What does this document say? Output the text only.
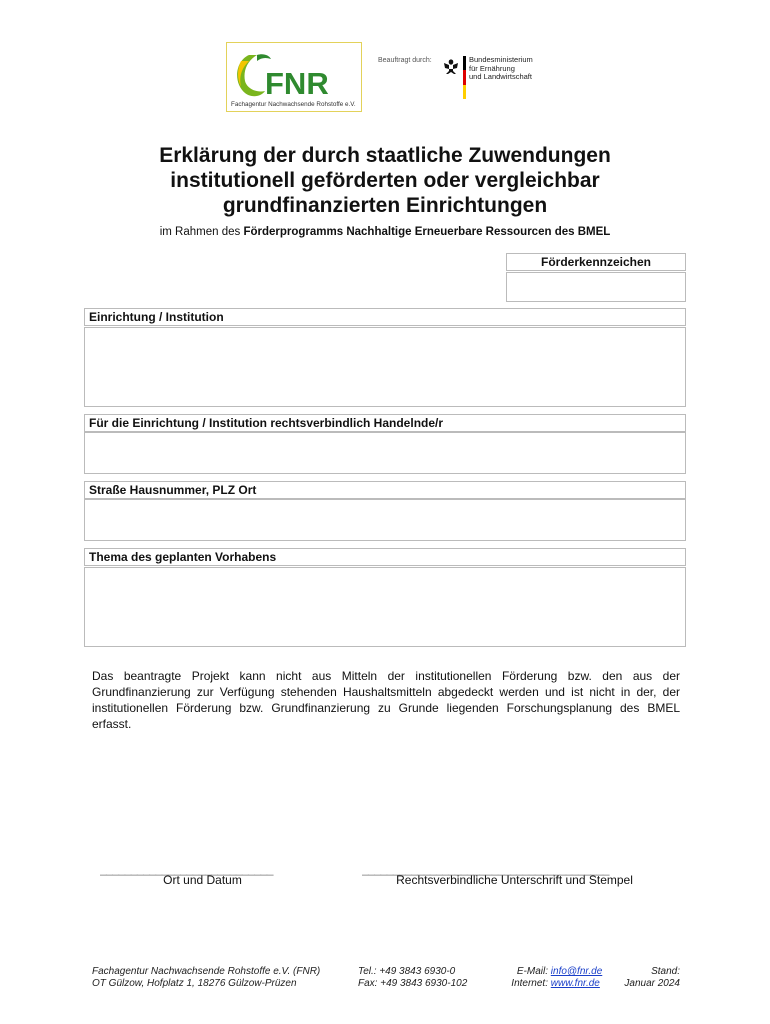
FNR
Fachagentur Nachwachsende Rohstoffe e.V.
Beauftragt durch:	Bundesministerium
für Ernährung
und Landwirtschaft
Erklärung der durch staatliche Zuwendungen
institutionell geförderten oder vergleichbar
grundfinanzierten Einrichtungen
im Rahmen des Förderprogramms Nachhaltige Erneuerbare Ressourcen des BMEL
Förderkennzeichen
Einrichtung / Institution
Für die Einrichtung / Institution rechtsverbindlich Handelnde/r
Straße Hausnummer, PLZ Ort
Thema des geplanten Vorhabens
Das beantragte Projekt kann nicht aus Mitteln der institutionellen Förderung bzw. den aus der Grundfinanzierung zur Verfügung stehenden Haushaltsmitteln abgedeckt werden und ist nicht in der, der institutionellen Förderung bzw. Grundfinanzierung zu Grunde liegenden Forschungsplanung des BMEL erfasst.
____________________________	________________________________________
Ort und Datum	Rechtsverbindliche Unterschrift und Stempel
Fachagentur Nachwachsende Rohstoffe e.V. (FNR)
OT Gülzow, Hofplatz 1, 18276 Gülzow-Prüzen
Tel.: +49 3843 6930-0
Fax: +49 3843 6930-102
E-Mail: info@fnr.de
Internet: www.fnr.de
Stand:
Januar 2024
